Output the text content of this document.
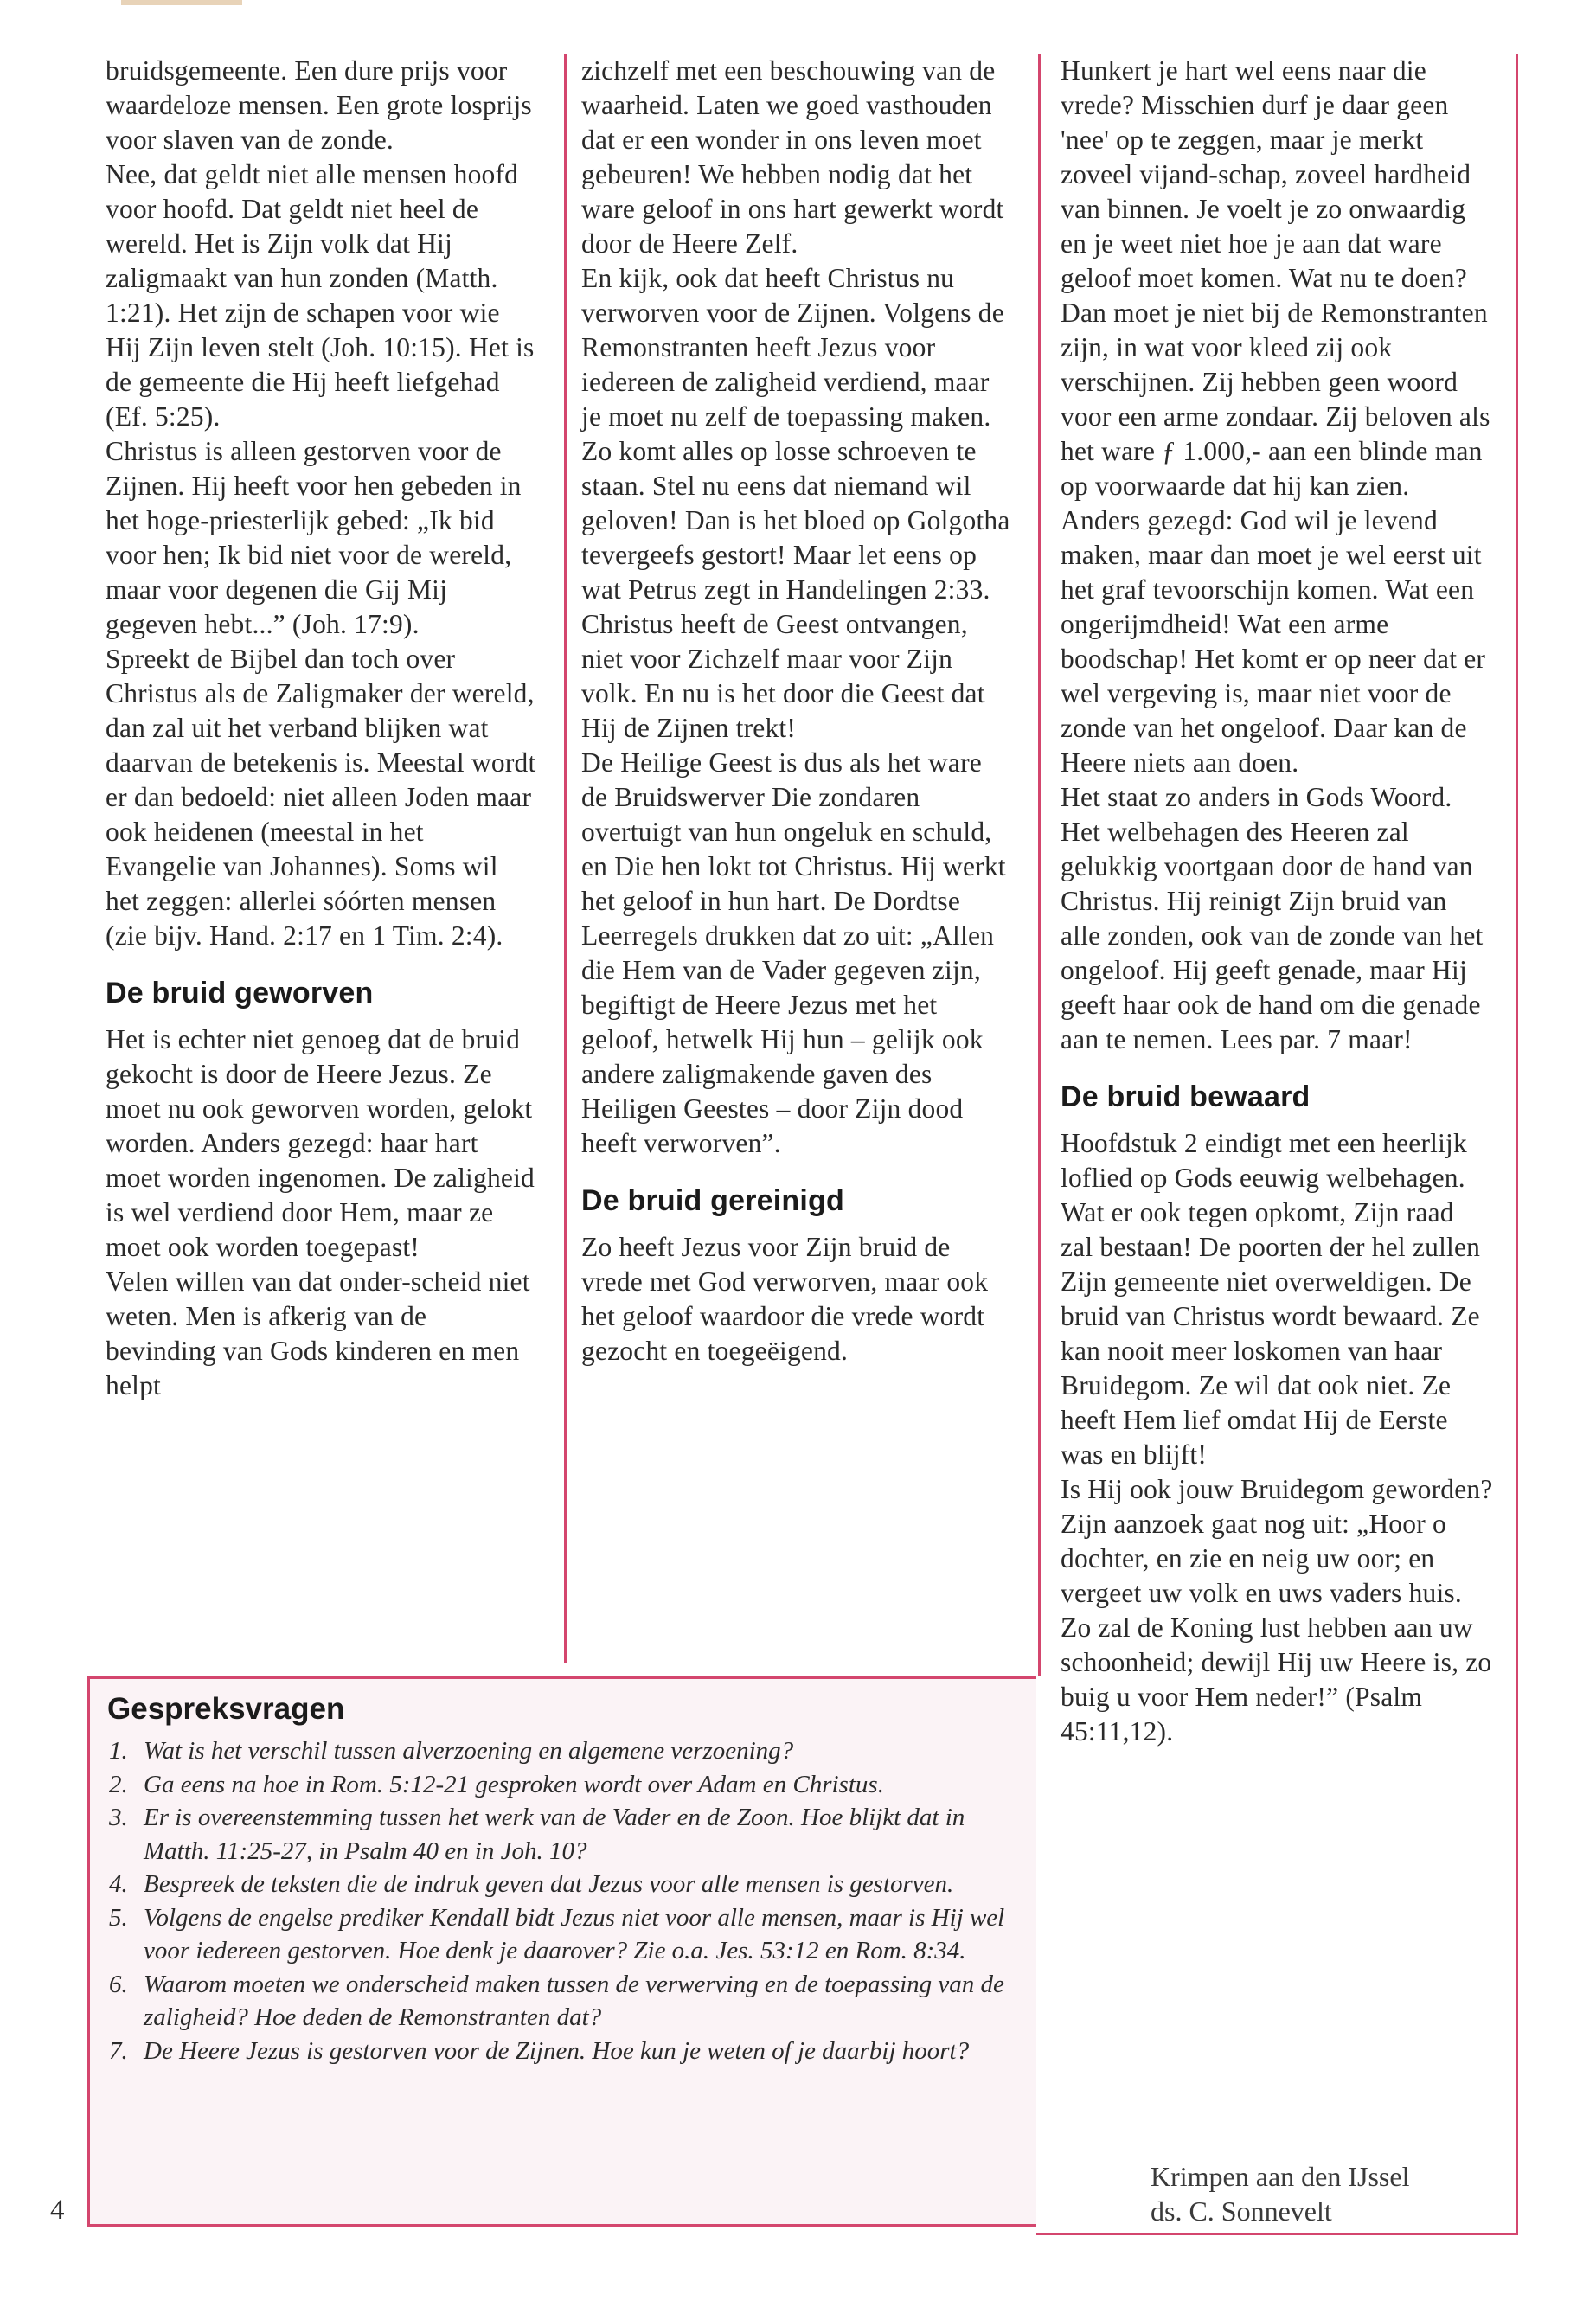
bruidsgemeente. Een dure prijs voor waardeloze mensen. Een grote losprijs voor slaven van de zonde.

Nee, dat geldt niet alle mensen hoofd voor hoofd. Dat geldt niet heel de wereld. Het is Zijn volk dat Hij zaligmaakt van hun zonden (Matth. 1:21). Het zijn de schapen voor wie Hij Zijn leven stelt (Joh. 10:15). Het is de gemeente die Hij heeft liefgehad (Ef. 5:25).

Christus is alleen gestorven voor de Zijnen. Hij heeft voor hen gebeden in het hoge-priesterlijk gebed: „Ik bid voor hen; Ik bid niet voor de wereld, maar voor degenen die Gij Mij gegeven hebt...” (Joh. 17:9).

Spreekt de Bijbel dan toch over Christus als de Zaligmaker der wereld, dan zal uit het verband blijken wat daarvan de betekenis is. Meestal wordt er dan bedoeld: niet alleen Joden maar ook heidenen (meestal in het Evangelie van Johannes). Soms wil het zeggen: allerlei sóórten mensen (zie bijv. Hand. 2:17 en 1 Tim. 2:4).

De bruid geworven

Het is echter niet genoeg dat de bruid gekocht is door de Heere Jezus. Ze moet nu ook geworven worden, gelokt worden. Anders gezegd: haar hart moet worden ingenomen. De zaligheid is wel verdiend door Hem, maar ze moet ook worden toegepast!

Velen willen van dat onder-scheid niet weten. Men is afkerig van de bevinding van Gods kinderen en men helpt

zichzelf met een beschouwing van de waarheid. Laten we goed vasthouden dat er een wonder in ons leven moet gebeuren! We hebben nodig dat het ware geloof in ons hart gewerkt wordt door de Heere Zelf.

En kijk, ook dat heeft Christus nu verworven voor de Zijnen. Volgens de Remonstranten heeft Jezus voor iedereen de zaligheid verdiend, maar je moet nu zelf de toepassing maken. Zo komt alles op losse schroeven te staan. Stel nu eens dat niemand wil geloven! Dan is het bloed op Golgotha tevergeefs gestort! Maar let eens op wat Petrus zegt in Handelingen 2:33. Christus heeft de Geest ontvangen, niet voor Zichzelf maar voor Zijn volk. En nu is het door die Geest dat Hij de Zijnen trekt!

De Heilige Geest is dus als het ware de Bruidswerver Die zondaren overtuigt van hun ongeluk en schuld, en Die hen lokt tot Christus. Hij werkt het geloof in hun hart. De Dordtse Leerregels drukken dat zo uit: „Allen die Hem van de Vader gegeven zijn, begiftigt de Heere Jezus met het geloof, hetwelk Hij hun – gelijk ook andere zaligmakende gaven des Heiligen Geestes – door Zijn dood heeft verworven”.

De bruid gereinigd

Zo heeft Jezus voor Zijn bruid de vrede met God verworven, maar ook het geloof waardoor die vrede wordt gezocht en toegeëigend.

Hunkert je hart wel eens naar die vrede? Misschien durf je daar geen 'nee' op te zeggen, maar je merkt zoveel vijand-schap, zoveel hardheid van binnen. Je voelt je zo onwaardig en je weet niet hoe je aan dat ware geloof moet komen. Wat nu te doen?

Dan moet je niet bij de Remonstranten zijn, in wat voor kleed zij ook verschijnen. Zij hebben geen woord voor een arme zondaar. Zij beloven als het ware ƒ 1.000,- aan een blinde man op voorwaarde dat hij kan zien. Anders gezegd: God wil je levend maken, maar dan moet je wel eerst uit het graf tevoorschijn komen. Wat een ongerijmdheid! Wat een arme boodschap! Het komt er op neer dat er wel vergeving is, maar niet voor de zonde van het ongeloof. Daar kan de Heere niets aan doen.

Het staat zo anders in Gods Woord. Het welbehagen des Heeren zal gelukkig voortgaan door de hand van Christus. Hij reinigt Zijn bruid van alle zonden, ook van de zonde van het ongeloof. Hij geeft genade, maar Hij geeft haar ook de hand om die genade aan te nemen. Lees par. 7 maar!

De bruid bewaard

Hoofdstuk 2 eindigt met een heerlijk loflied op Gods eeuwig welbehagen. Wat er ook tegen opkomt, Zijn raad zal bestaan! De poorten der hel zullen Zijn gemeente niet overweldigen. De bruid van Christus wordt bewaard. Ze kan nooit meer loskomen van haar Bruidegom. Ze wil dat ook niet. Ze heeft Hem lief omdat Hij de Eerste was en blijft!

Is Hij ook jouw Bruidegom geworden? Zijn aanzoek gaat nog uit: „Hoor o dochter, en zie en neig uw oor; en vergeet uw volk en uws vaders huis. Zo zal de Koning lust hebben aan uw schoonheid; dewijl Hij uw Heere is, zo buig u voor Hem neder!” (Psalm 45:11,12).

Gespreksvragen
1. Wat is het verschil tussen alverzoening en algemene verzoening?
2. Ga eens na hoe in Rom. 5:12-21 gesproken wordt over Adam en Christus.
3. Er is overeenstemming tussen het werk van de Vader en de Zoon. Hoe blijkt dat in Matth. 11:25-27, in Psalm 40 en in Joh. 10?
4. Bespreek de teksten die de indruk geven dat Jezus voor alle mensen is gestorven.
5. Volgens de engelse prediker Kendall bidt Jezus niet voor alle mensen, maar is Hij wel voor iedereen gestorven. Hoe denk je daarover? Zie o.a. Jes. 53:12 en Rom. 8:34.
6. Waarom moeten we onderscheid maken tussen de verwerving en de toepassing van de zaligheid? Hoe deden de Remonstranten dat?
7. De Heere Jezus is gestorven voor de Zijnen. Hoe kun je weten of je daarbij hoort?

Krimpen aan den IJssel

ds. C. Sonnevelt

4
